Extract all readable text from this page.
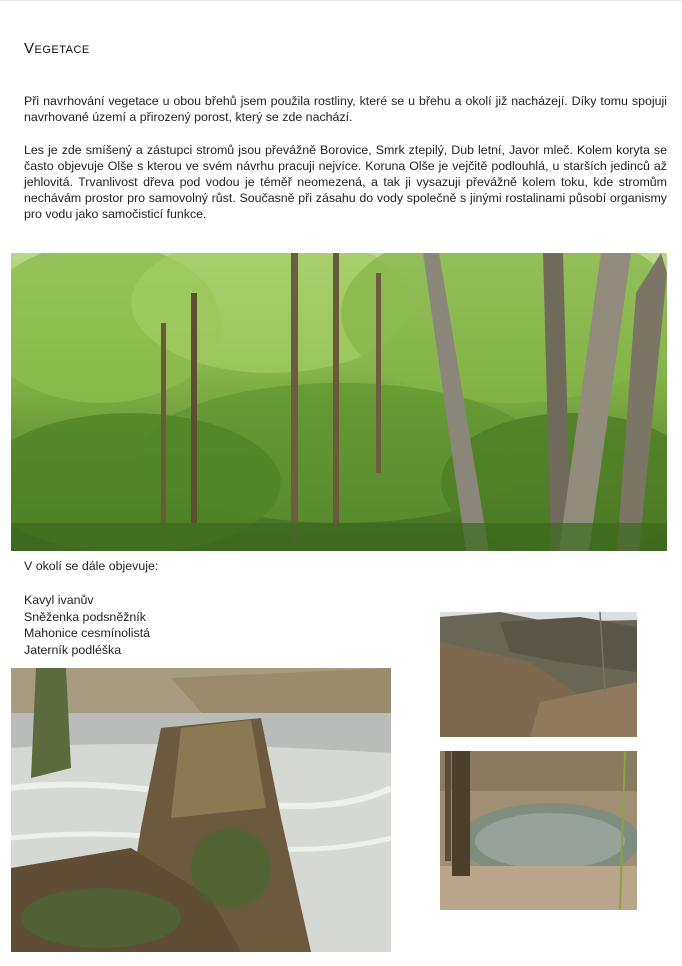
Vegetace
Při navrhování vegetace u obou břehů jsem použila rostliny, které se u břehu a okolí již nacházejí. Díky tomu spojuji navrhované území a přirozený porost, který se zde nachází.
Les je zde smíšený a zástupci stromů jsou převážně Borovice, Smrk ztepilý, Dub letní, Javor mleč. Kolem koryta se často objevuje Olše s kterou ve svém návrhu pracuji nejvíce. Koruna Olše je vejčitě podlouhlá, u starších jedinců až jehlovitá. Trvanlivost dřeva pod vodou je téměř neomezená, a tak ji vysazuji převážně kolem toku, kde stromům nechávám prostor pro samovolný růst. Současně při zásahu do vody společně s jinými rostalinami působí organismy pro vodu jako samočisticí funkce.
V okolí se dále objevuje:
Kavyl ivanův
Sněženka podsněžník
Mahonice cesmínolistá
Jaterník podléška
